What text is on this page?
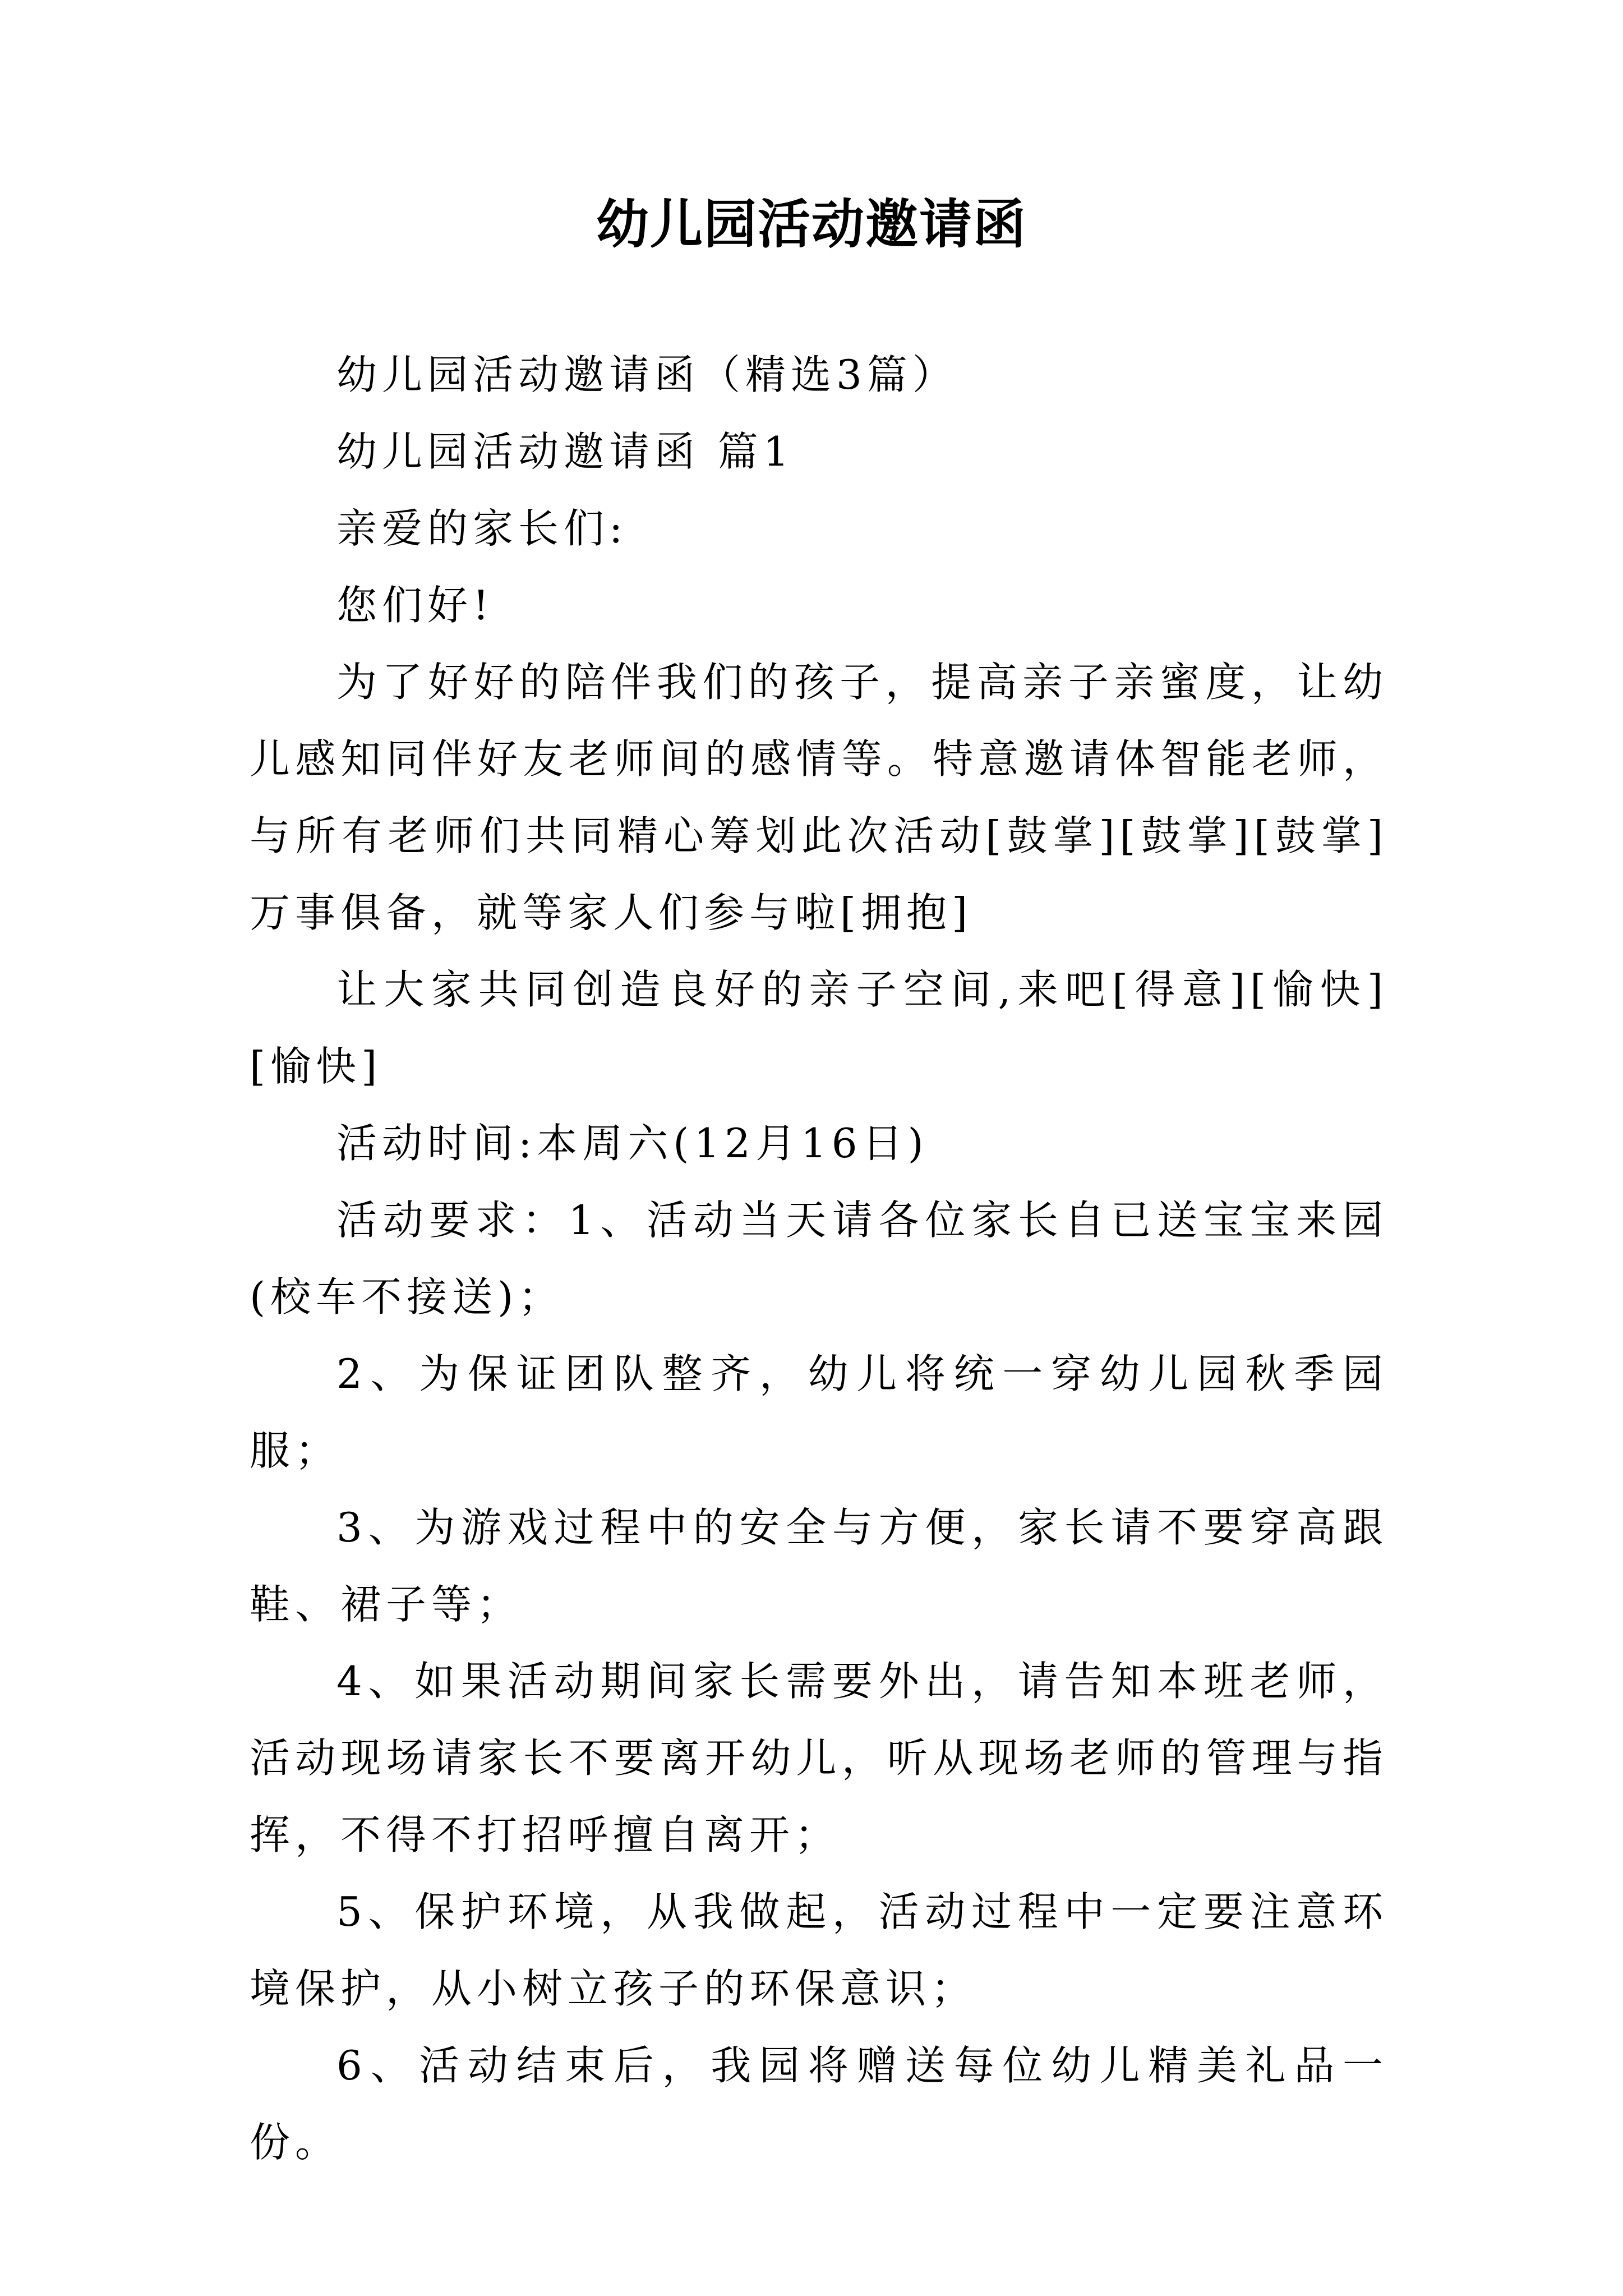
幼儿园活动邀请函

幼儿园活动邀请函（精选3篇）

幼儿园活动邀请函 篇1

亲爱的家长们:

您们好!

为了好好的陪伴我们的孩子，提高亲子亲蜜度，让幼儿感知同伴好友老师间的感情等。特意邀请体智能老师，与所有老师们共同精心筹划此次活动[鼓掌][鼓掌][鼓掌]万事俱备，就等家人们参与啦[拥抱]

让大家共同创造良好的亲子空间,来吧[得意][愉快][愉快]

活动时间:本周六(12月16日)

活动要求：1、活动当天请各位家长自已送宝宝来园(校车不接送)；

2、为保证团队整齐，幼儿将统一穿幼儿园秋季园服；

3、为游戏过程中的安全与方便，家长请不要穿高跟鞋、裙子等；

4、如果活动期间家长需要外出，请告知本班老师，活动现场请家长不要离开幼儿，听从现场老师的管理与指挥，不得不打招呼擅自离开；

5、保护环境，从我做起，活动过程中一定要注意环境保护，从小树立孩子的环保意识；

6、活动结束后，我园将赠送每位幼儿精美礼品一份。
